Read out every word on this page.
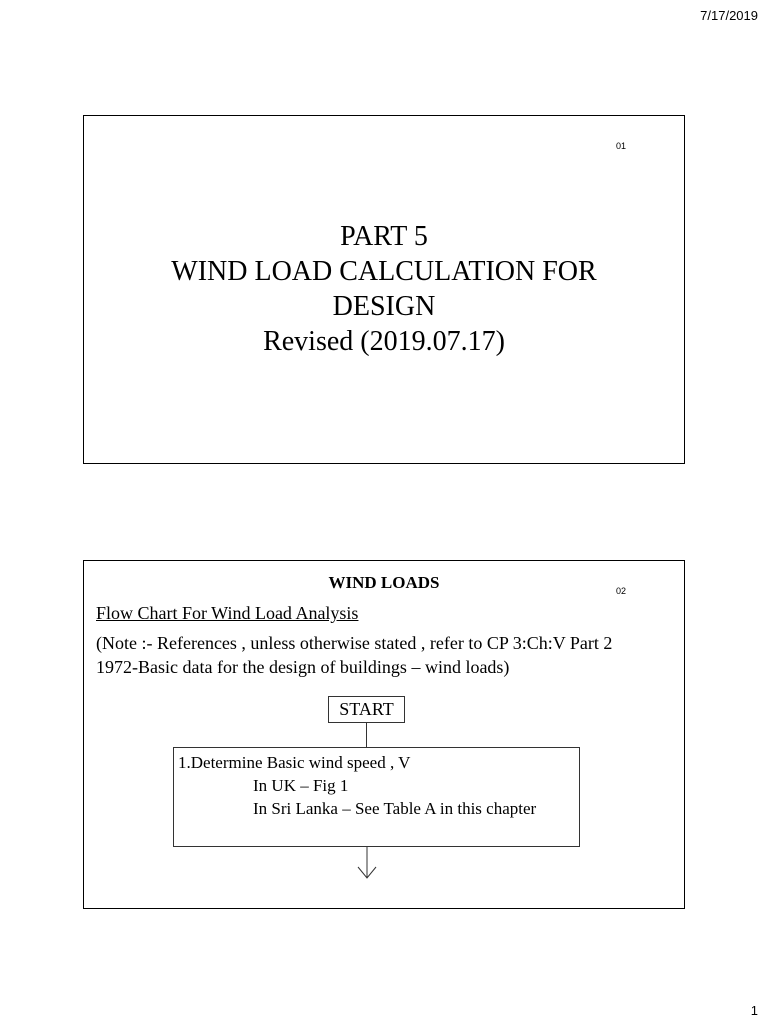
7/17/2019
01
PART 5
WIND LOAD CALCULATION FOR
DESIGN
Revised (2019.07.17)
WIND LOADS	02
Flow Chart For Wind Load Analysis
(Note :- References , unless otherwise stated , refer to CP 3:Ch:V Part 2
1972-Basic data for the design of buildings – wind loads)
START
1.Determine Basic wind speed , V
In UK – Fig 1
In Sri Lanka – See Table A in this chapter
1
